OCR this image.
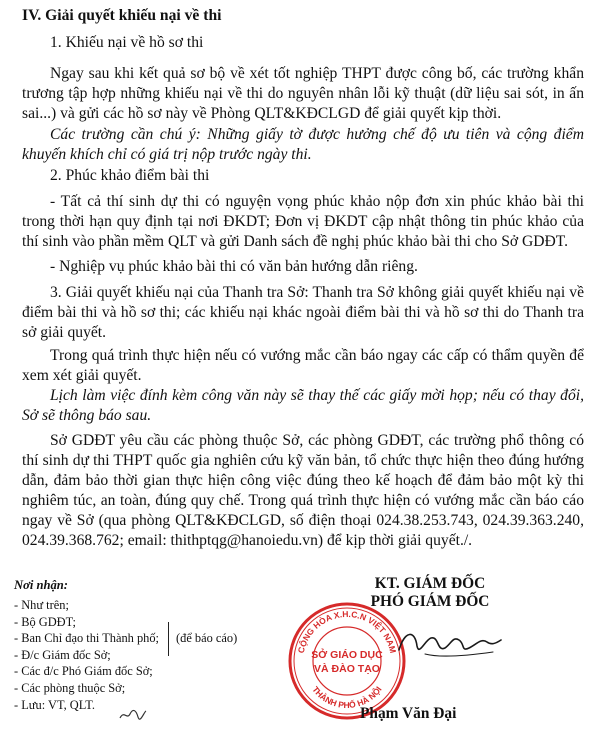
IV. Giải quyết khiếu nại về thi

1. Khiếu nại về hồ sơ thi

Ngay sau khi kết quả sơ bộ về xét tốt nghiệp THPT được công bố, các trường khẩn trương tập hợp những khiếu nại về thi do nguyên nhân lỗi kỹ thuật (dữ liệu sai sót, in ấn sai...) và gửi các hồ sơ này về Phòng QLT&KĐCLGD để giải quyết kịp thời.

Các trường cần chú ý: Những giấy tờ được hưởng chế độ ưu tiên và cộng điểm khuyến khích chỉ có giá trị nộp trước ngày thi.

2. Phúc khảo điểm bài thi

- Tất cả thí sinh dự thi có nguyện vọng phúc khảo nộp đơn xin phúc khảo bài thi trong thời hạn quy định tại nơi ĐKDT; Đơn vị ĐKDT cập nhật thông tin phúc khảo của thí sinh vào phần mềm QLT và gửi Danh sách đề nghị phúc khảo bài thi cho Sở GDĐT.

- Nghiệp vụ phúc khảo bài thi có văn bản hướng dẫn riêng.

3. Giải quyết khiếu nại của Thanh tra Sở: Thanh tra Sở không giải quyết khiếu nại về điểm bài thi và hồ sơ thi; các khiếu nại khác ngoài điểm bài thi và hồ sơ thi do Thanh tra sở giải quyết.

Trong quá trình thực hiện nếu có vướng mắc cần báo ngay các cấp có thẩm quyền để xem xét giải quyết.

Lịch làm việc đính kèm công văn này sẽ thay thế các giấy mời họp; nếu có thay đổi, Sở sẽ thông báo sau.

Sở GDĐT yêu cầu các phòng thuộc Sở, các phòng GDĐT, các trường phổ thông có thí sinh dự thi THPT quốc gia nghiên cứu kỹ văn bản, tổ chức thực hiện theo đúng hướng dẫn, đảm bảo thời gian thực hiện công việc đúng theo kế hoạch để đảm bảo một kỳ thi nghiêm túc, an toàn, đúng quy chế. Trong quá trình thực hiện có vướng mắc cần báo cáo ngay về Sở (qua phòng QLT&KĐCLGD, số điện thoại 024.38.253.743, 024.39.363.240, 024.39.368.762; email: thithptqg@hanoiedu.vn) để kịp thời giải quyết./.

Nơi nhận:
- Như trên;
- Bộ GDĐT;
- Ban Chỉ đạo thi Thành phố;
- Đ/c Giám đốc Sở;
- Các đ/c Phó Giám đốc Sở;
- Các phòng thuộc Sở;
- Lưu: VT, QLT.
(để báo cáo)
KT. GIÁM ĐỐC
PHÓ GIÁM ĐỐC
CỘNG HÒA X.H.C.N VIỆT NAM
THÀNH PHỐ HÀ NỘI
SỞ GIÁO DỤC
VÀ ĐÀO TẠO
Phạm Văn Đại
